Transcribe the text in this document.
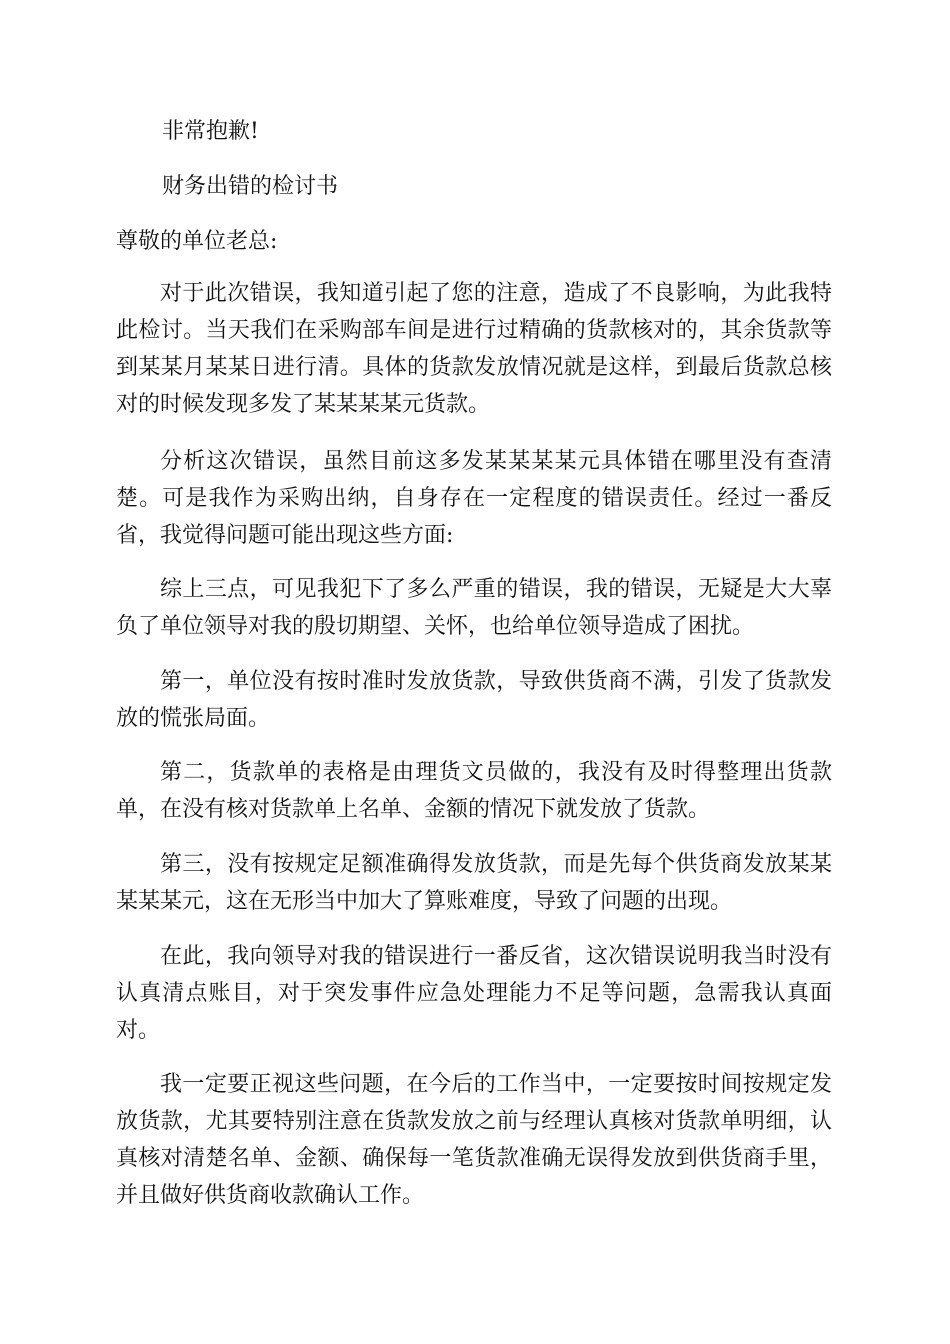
非常抱歉!

财务出错的检讨书

尊敬的单位老总:

对于此次错误，我知道引起了您的注意，造成了不良影响，为此我特此检讨。当天我们在采购部车间是进行过精确的货款核对的，其余货款等到某某月某某日进行清。具体的货款发放情况就是这样，到最后货款总核对的时候发现多发了某某某某元货款。

分析这次错误，虽然目前这多发某某某某元具体错在哪里没有查清楚。可是我作为采购出纳，自身存在一定程度的错误责任。经过一番反省，我觉得问题可能出现这些方面:

综上三点，可见我犯下了多么严重的错误，我的错误，无疑是大大辜负了单位领导对我的殷切期望、关怀，也给单位领导造成了困扰。

第一，单位没有按时准时发放货款，导致供货商不满，引发了货款发放的慌张局面。

第二，货款单的表格是由理货文员做的，我没有及时得整理出货款单，在没有核对货款单上名单、金额的情况下就发放了货款。

第三，没有按规定足额准确得发放货款，而是先每个供货商发放某某某某某元，这在无形当中加大了算账难度，导致了问题的出现。

在此，我向领导对我的错误进行一番反省，这次错误说明我当时没有认真清点账目，对于突发事件应急处理能力不足等问题，急需我认真面对。

我一定要正视这些问题，在今后的工作当中，一定要按时间按规定发放货款，尤其要特别注意在货款发放之前与经理认真核对货款单明细，认真核对清楚名单、金额、确保每一笔货款准确无误得发放到供货商手里，并且做好供货商收款确认工作。
